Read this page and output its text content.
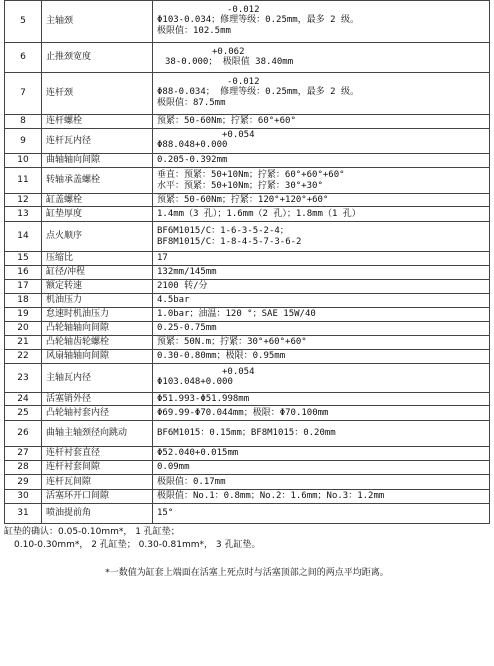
5	主轴颈	-0.012
Φ103-0.034；修理等级：0.25mm，最多 2 级。
极限值：102.5mm

6	止推颈宽度	+0.062
38-0.000； 极限值 38.40mm

7	连杆颈	-0.012
Φ88-0.034； 修理等级：0.25mm，最多 2 级。
极限值：87.5mm

8	连杆螺栓	预紧：50-60Nm；拧紧：60°+60°

9	连杆瓦内径	+0.054
Φ88.048+0.000

10	曲轴轴向间隙	0.205-0.392mm

11	转轴承盖螺栓	垂直：预紧：50+10Nm；拧紧：60°+60°+60°
水平：预紧：50+10Nm；拧紧：30°+30°

12	缸盖螺栓	预紧：50-60Nm；拧紧：120°+120°+60°

13	缸垫厚度	1.4mm（3 孔）；1.6mm（2 孔）；1.8mm（1 孔）

14	点火顺序	BF6M1015/C：1-6-3-5-2-4；
BF8M1015/C：1-8-4-5-7-3-6-2

15	压缩比	17

16	缸径/冲程	132mm/145mm

17	额定转速	2100 转/分

18	机油压力	4.5bar

19	怠速时机油压力	1.0bar；油温：120 °；SAE 15W/40

20	凸轮轴轴向间隙	0.25-0.75mm

21	凸轮轴齿轮螺栓	预紧：50N.m；拧紧：30°+60°+60°

22	风扇轴轴向间隙	0.30-0.80mm；极限：0.95mm

23	主轴瓦内径	+0.054
Φ103.048+0.000

24	活塞销外径	Φ51.993-Φ51.998mm

25	凸轮轴衬套内径	Φ69.99-Φ70.044mm；极限：Φ70.100mm

26	曲轴主轴颈径向跳动	BF6M1015：0.15mm；BF8M1015：0.20mm

27	连杆衬套直径	Φ52.040+0.015mm

28	连杆衬套间隙	0.09mm

29	连杆瓦间隙	极限值：0.17mm

30	活塞环开口间隙	极限值：No.1：0.8mm；No.2：1.6mm；No.3：1.2mm

31	喷油提前角	15°
缸垫的确认：0.05-0.10mm*， 1 孔缸垫；
0.10-0.30mm*， 2 孔缸垫； 0.30-0.81mm*， 3 孔缸垫。
*一数值为缸套上端面在活塞上死点时与活塞顶部之间的两点平均距离。
